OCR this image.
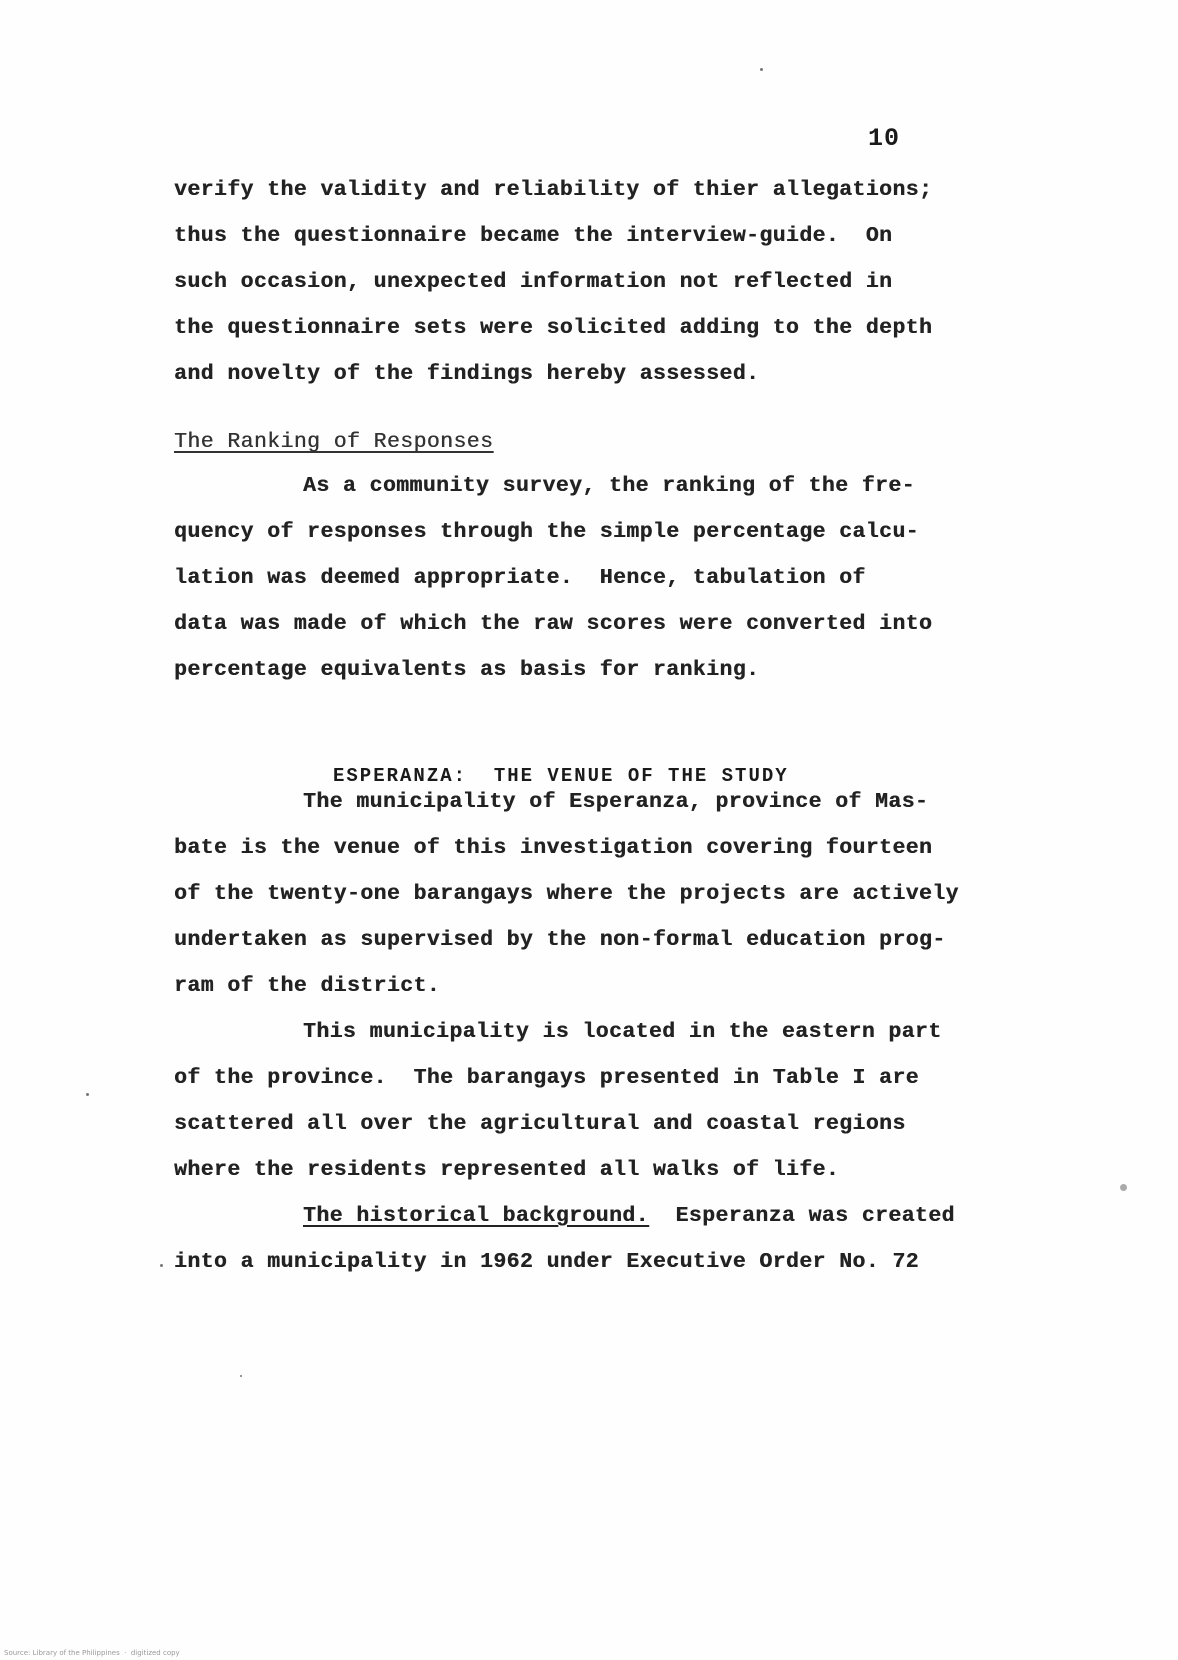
10
verify the validity and reliability of thier allegations;
thus the questionnaire became the interview-guide.  On
such occasion, unexpected information not reflected in
the questionnaire sets were solicited adding to the depth
and novelty of the findings hereby assessed.
The Ranking of Responses
As a community survey, the ranking of the fre-
quency of responses through the simple percentage calcu-
lation was deemed appropriate.  Hence, tabulation of
data was made of which the raw scores were converted into
percentage equivalents as basis for ranking.
ESPERANZA:  THE VENUE OF THE STUDY
The municipality of Esperanza, province of Mas-
bate is the venue of this investigation covering fourteen
of the twenty-one barangays where the projects are actively
undertaken as supervised by the non-formal education prog-
ram of the district.
This municipality is located in the eastern part
of the province.  The barangays presented in Table I are
scattered all over the agricultural and coastal regions
where the residents represented all walks of life.
The historical background.  Esperanza was created
into a municipality in 1962 under Executive Order No. 72
Source: Library of the Philippines  ·  digitized copy
